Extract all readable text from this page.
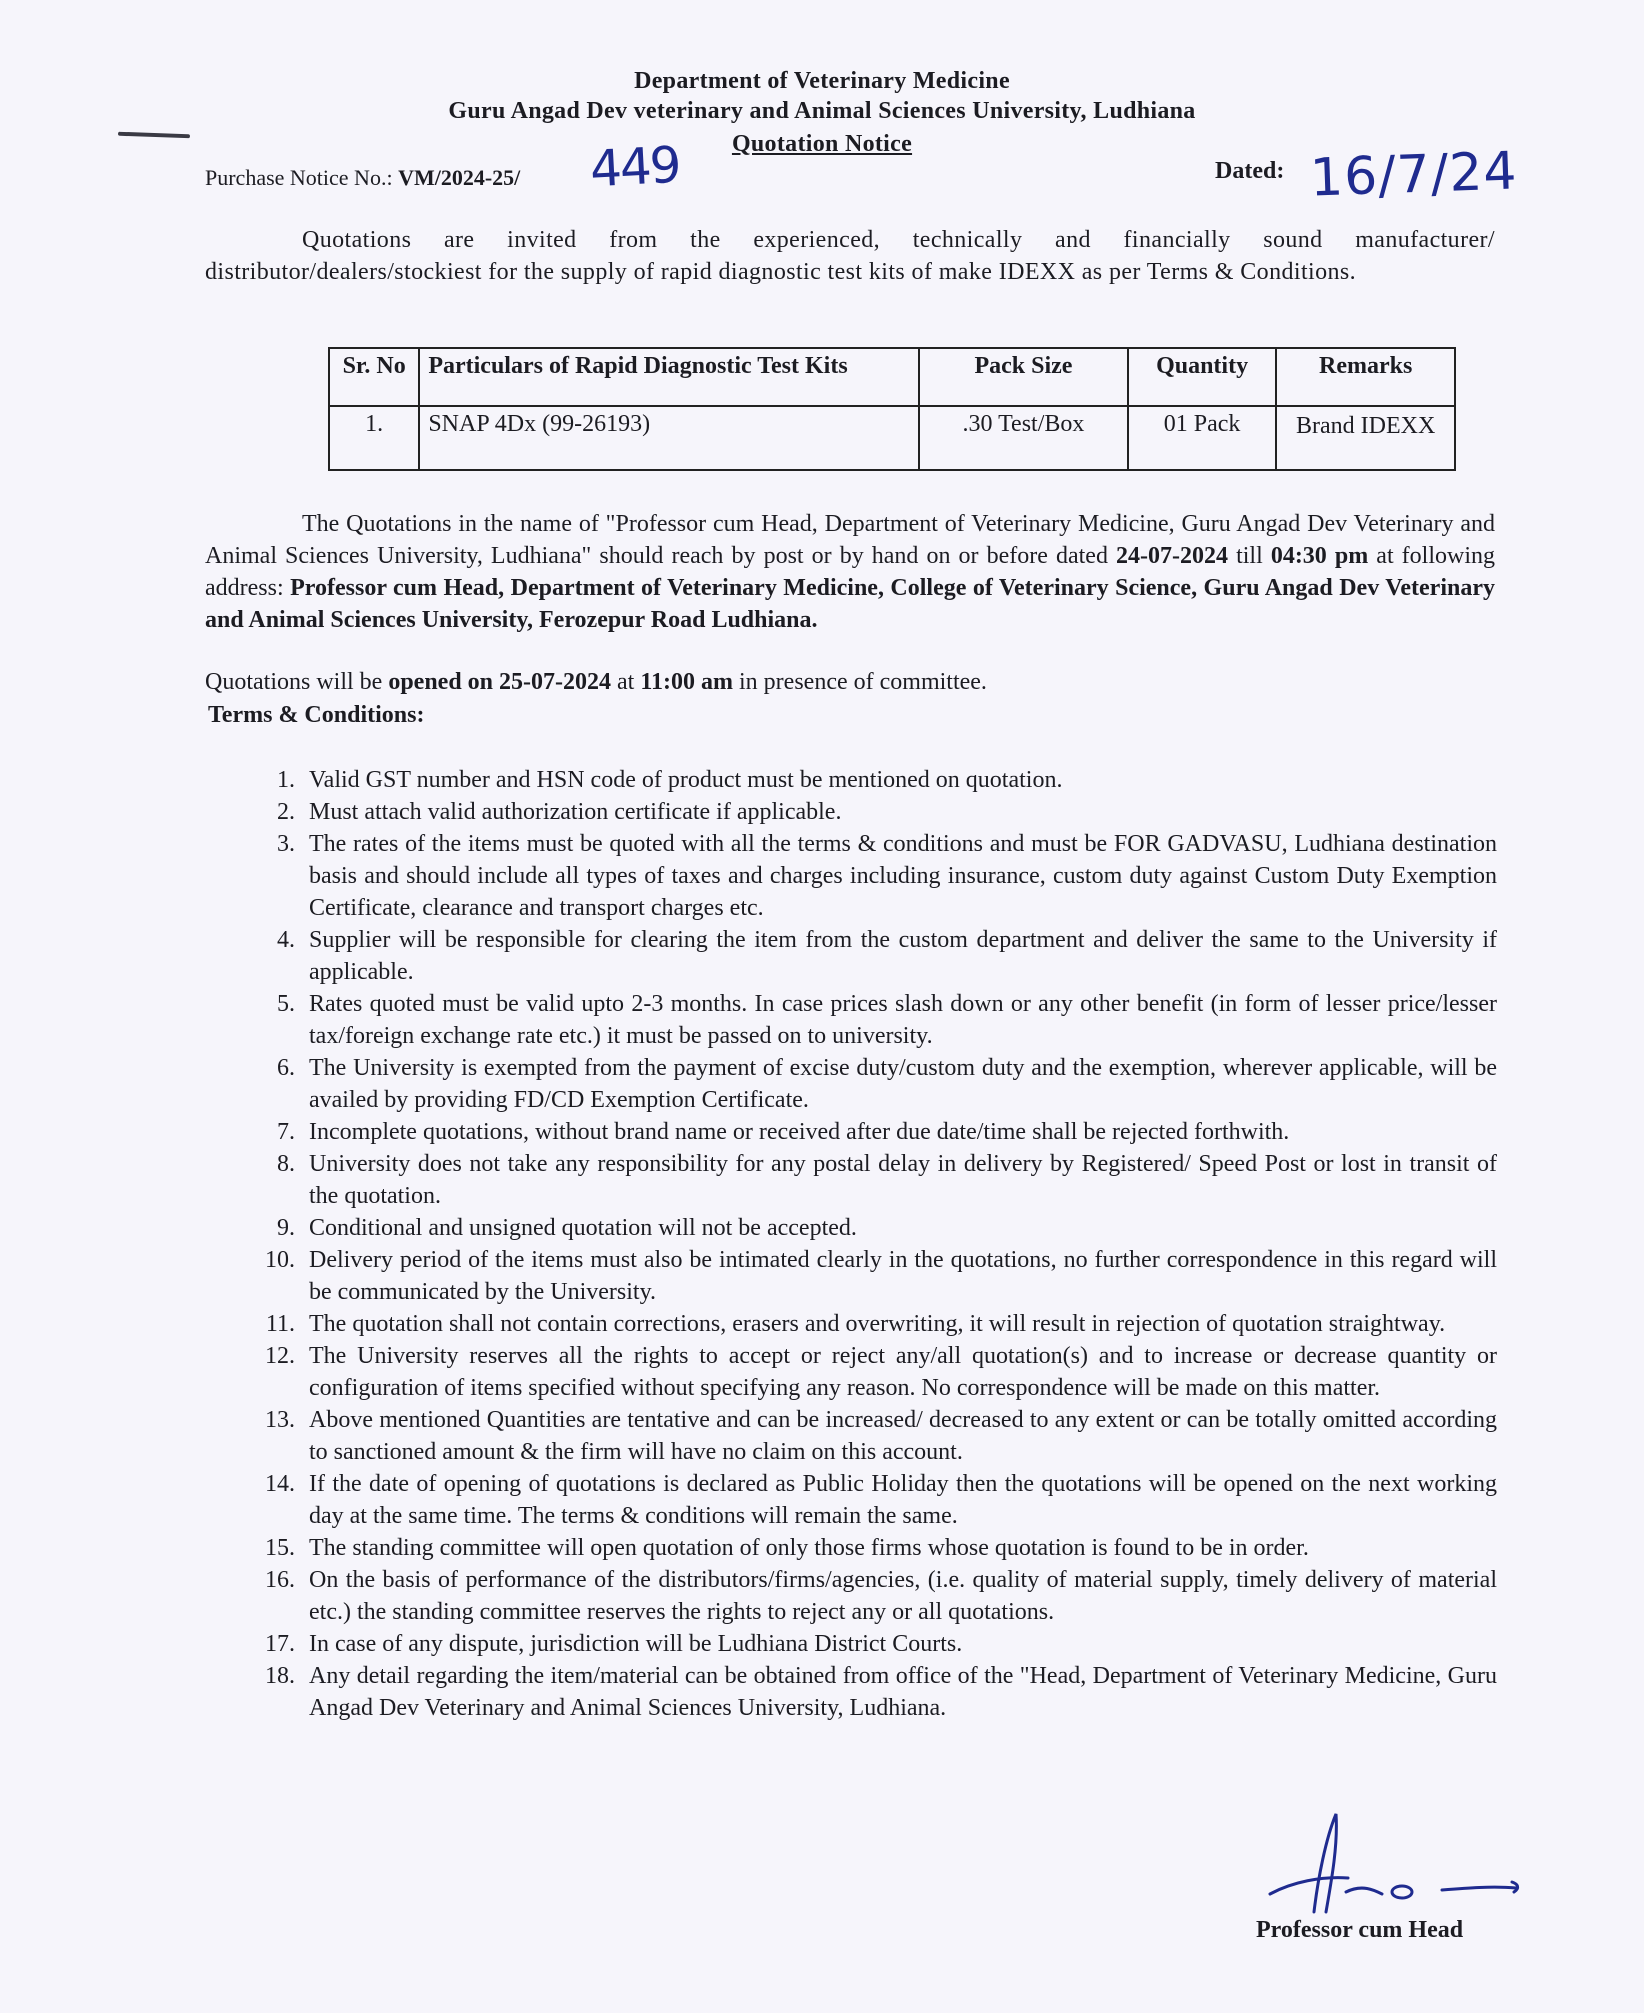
Department of Veterinary Medicine
Guru Angad Dev veterinary and Animal Sciences University, Ludhiana
Quotation Notice
Purchase Notice No.: VM/2024-25/ 449	Dated: 16/7/24
Quotations are invited from the experienced, technically and financially sound manufacturer/ distributor/dealers/stockiest for the supply of rapid diagnostic test kits of make IDEXX as per Terms & Conditions.
Sr. No	Particulars of Rapid Diagnostic Test Kits	Pack Size	Quantity	Remarks
1.	SNAP 4Dx (99-26193)	.30 Test/Box	01 Pack	Brand IDEXX
The Quotations in the name of "Professor cum Head, Department of Veterinary Medicine, Guru Angad Dev Veterinary and Animal Sciences University, Ludhiana" should reach by post or by hand on or before dated 24-07-2024 till 04:30 pm at following address: Professor cum Head, Department of Veterinary Medicine, College of Veterinary Science, Guru Angad Dev Veterinary and Animal Sciences University, Ferozepur Road Ludhiana.
Quotations will be opened on 25-07-2024 at 11:00 am in presence of committee.
Terms & Conditions:
1. Valid GST number and HSN code of product must be mentioned on quotation.
2. Must attach valid authorization certificate if applicable.
3. The rates of the items must be quoted with all the terms & conditions and must be FOR GADVASU, Ludhiana destination basis and should include all types of taxes and charges including insurance, custom duty against Custom Duty Exemption Certificate, clearance and transport charges etc.
4. Supplier will be responsible for clearing the item from the custom department and deliver the same to the University if applicable.
5. Rates quoted must be valid upto 2-3 months. In case prices slash down or any other benefit (in form of lesser price/lesser tax/foreign exchange rate etc.) it must be passed on to university.
6. The University is exempted from the payment of excise duty/custom duty and the exemption, wherever applicable, will be availed by providing FD/CD Exemption Certificate.
7. Incomplete quotations, without brand name or received after due date/time shall be rejected forthwith.
8. University does not take any responsibility for any postal delay in delivery by Registered/ Speed Post or lost in transit of the quotation.
9. Conditional and unsigned quotation will not be accepted.
10. Delivery period of the items must also be intimated clearly in the quotations, no further correspondence in this regard will be communicated by the University.
11. The quotation shall not contain corrections, erasers and overwriting, it will result in rejection of quotation straightway.
12. The University reserves all the rights to accept or reject any/all quotation(s) and to increase or decrease quantity or configuration of items specified without specifying any reason. No correspondence will be made on this matter.
13. Above mentioned Quantities are tentative and can be increased/ decreased to any extent or can be totally omitted according to sanctioned amount & the firm will have no claim on this account.
14. If the date of opening of quotations is declared as Public Holiday then the quotations will be opened on the next working day at the same time. The terms & conditions will remain the same.
15. The standing committee will open quotation of only those firms whose quotation is found to be in order.
16. On the basis of performance of the distributors/firms/agencies, (i.e. quality of material supply, timely delivery of material etc.) the standing committee reserves the rights to reject any or all quotations.
17. In case of any dispute, jurisdiction will be Ludhiana District Courts.
18. Any detail regarding the item/material can be obtained from office of the "Head, Department of Veterinary Medicine, Guru Angad Dev Veterinary and Animal Sciences University, Ludhiana.
Professor cum Head
